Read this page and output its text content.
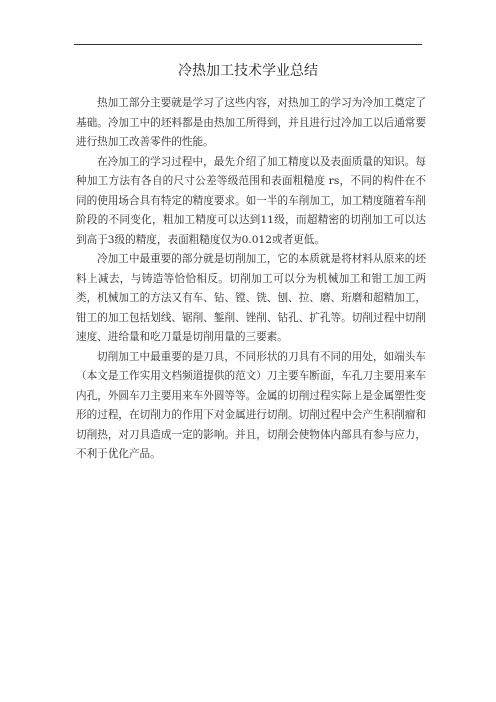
冷热加工技术学业总结

热加工部分主要就是学习了这些内容，对热加工的学习为冷加工奠定了基础。冷加工中的坯料都是由热加工所得到，并且进行过冷加工以后通常要进行热加工改善零件的性能。

在冷加工的学习过程中，最先介绍了加工精度以及表面质量的知识。每种加工方法有各自的尺寸公差等级范围和表面粗糙度 rs，不同的构件在不同的使用场合具有特定的精度要求。如一半的车削加工，加工精度随着车削阶段的不同变化，粗加工精度可以达到11级，而超精密的切削加工可以达到高于3级的精度，表面粗糙度仅为0.012或者更低。

冷加工中最重要的部分就是切削加工，它的本质就是将材料从原来的坯料上减去，与铸造等恰恰相反。切削加工可以分为机械加工和钳工加工两类，机械加工的方法又有车、钻、镗、铣、刨、拉、磨、珩磨和超精加工，钳工的加工包括划线、锯削、錾削、锉削、钻孔、扩孔等。切削过程中切削速度、进给量和吃刀量是切削用量的三要素。

切削加工中最重要的是刀具，不同形状的刀具有不同的用处，如端头车（本文是工作实用文档频道提供的范文）刀主要车断面，车孔刀主要用来车内孔，外圆车刀主要用来车外圆等等。金属的切削过程实际上是金属塑性变形的过程，在切削力的作用下对金属进行切削。切削过程中会产生积削瘤和切削热，对刀具造成一定的影响。并且，切削会使物体内部具有参与应力，不利于优化产品。
